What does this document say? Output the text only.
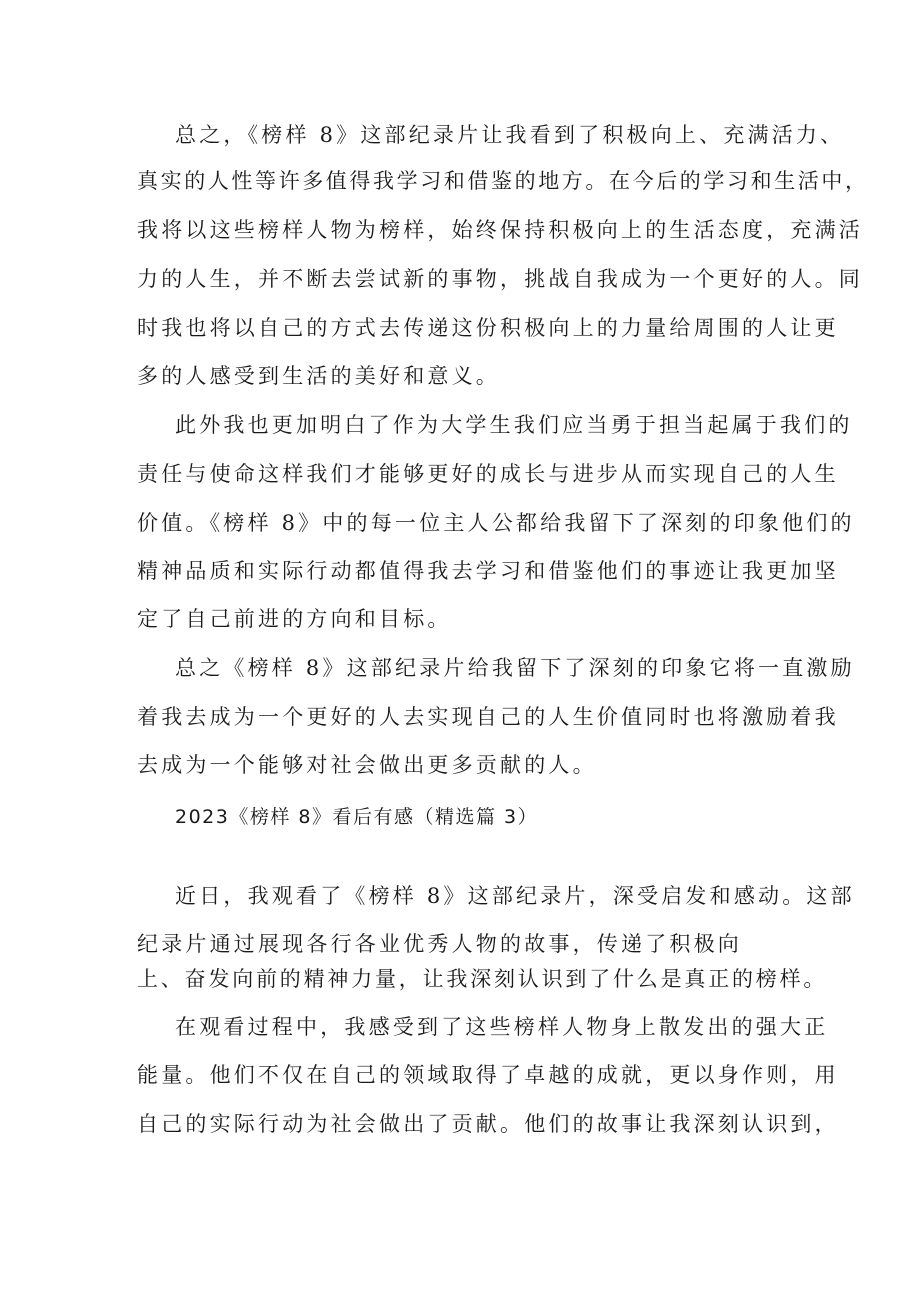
总之，《榜样 8》这部纪录片让我看到了积极向上、充满活力、
真实的人性等许多值得我学习和借鉴的地方。在今后的学习和生活中，
我将以这些榜样人物为榜样，始终保持积极向上的生活态度，充满活
力的人生，并不断去尝试新的事物，挑战自我成为一个更好的人。同
时我也将以自己的方式去传递这份积极向上的力量给周围的人让更
多的人感受到生活的美好和意义。
此外我也更加明白了作为大学生我们应当勇于担当起属于我们的
责任与使命这样我们才能够更好的成长与进步从而实现自己的人生
价值。《榜样 8》中的每一位主人公都给我留下了深刻的印象他们的
精神品质和实际行动都值得我去学习和借鉴他们的事迹让我更加坚
定了自己前进的方向和目标。
总之《榜样 8》这部纪录片给我留下了深刻的印象它将一直激励
着我去成为一个更好的人去实现自己的人生价值同时也将激励着我
去成为一个能够对社会做出更多贡献的人。
2023《榜样 8》看后有感（精选篇 3）
近日，我观看了《榜样 8》这部纪录片，深受启发和感动。这部
纪录片通过展现各行各业优秀人物的故事，传递了积极向
上、奋发向前的精神力量，让我深刻认识到了什么是真正的榜样。
在观看过程中，我感受到了这些榜样人物身上散发出的强大正
能量。他们不仅在自己的领域取得了卓越的成就，更以身作则，用
自己的实际行动为社会做出了贡献。他们的故事让我深刻认识到，
